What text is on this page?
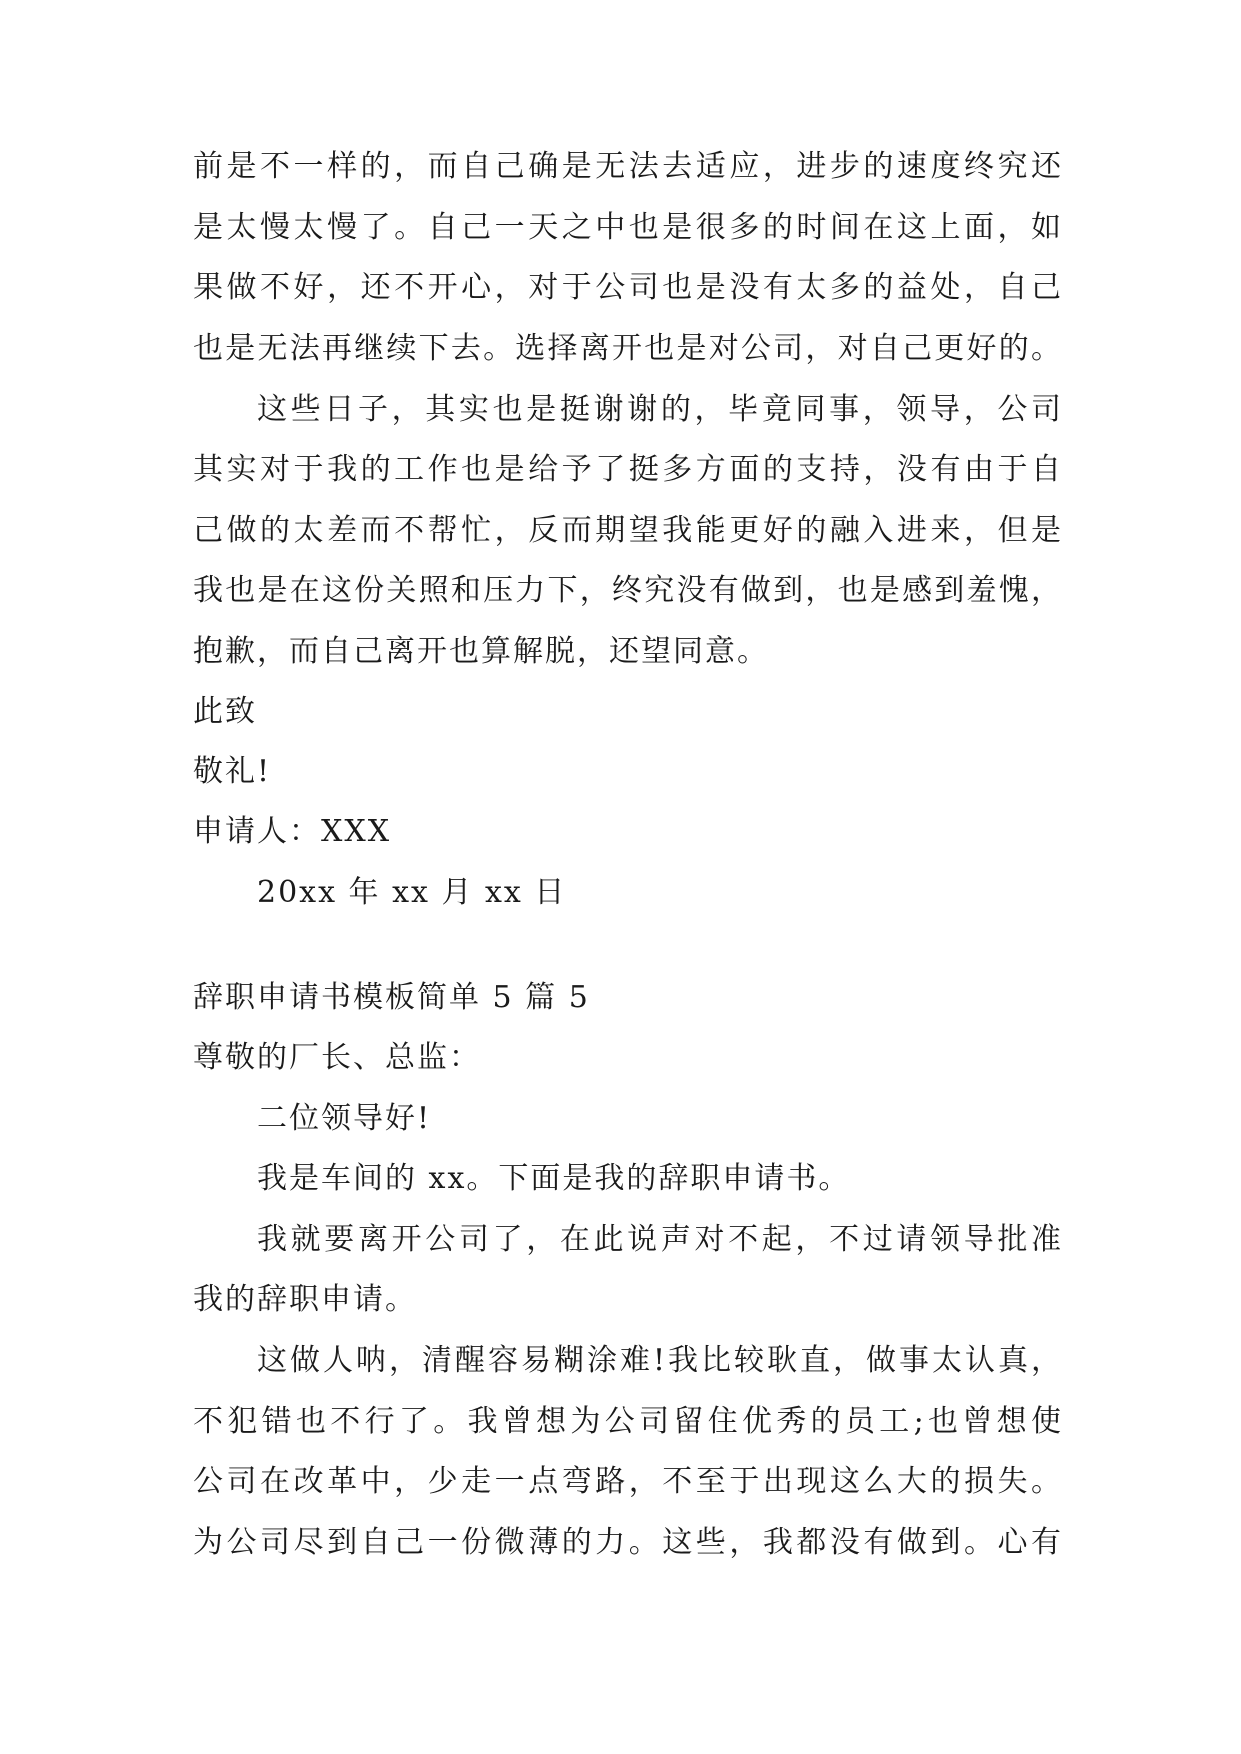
前是不一样的，而自己确是无法去适应，进步的速度终究还
是太慢太慢了。自己一天之中也是很多的时间在这上面，如
果做不好，还不开心，对于公司也是没有太多的益处，自己
也是无法再继续下去。选择离开也是对公司，对自己更好的。
这些日子，其实也是挺谢谢的，毕竟同事，领导，公司
其实对于我的工作也是给予了挺多方面的支持，没有由于自
己做的太差而不帮忙，反而期望我能更好的融入进来，但是
我也是在这份关照和压力下，终究没有做到，也是感到羞愧，
抱歉，而自己离开也算解脱，还望同意。
此致
敬礼!
申请人：XXX
20xx 年 xx 月 xx 日
辞职申请书模板简单 5 篇 5
尊敬的厂长、总监：
二位领导好!
我是车间的 xx。下面是我的辞职申请书。
我就要离开公司了，在此说声对不起，不过请领导批准
我的辞职申请。
这做人呐，清醒容易糊涂难!我比较耿直，做事太认真，
不犯错也不行了。我曾想为公司留住优秀的员工;也曾想使
公司在改革中，少走一点弯路，不至于出现这么大的损失。
为公司尽到自己一份微薄的力。这些，我都没有做到。心有
